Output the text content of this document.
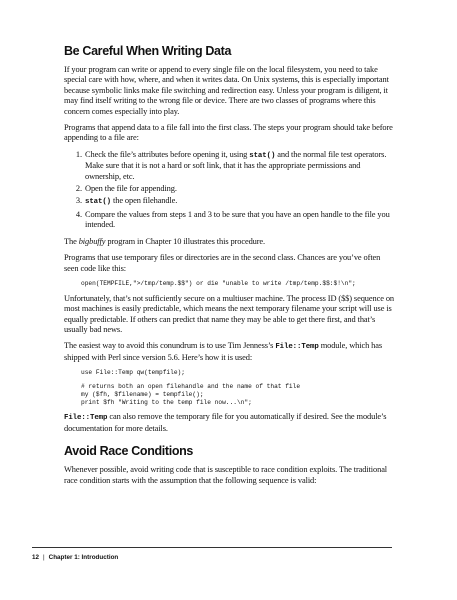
Be Careful When Writing Data

If your program can write or append to every single file on the local filesystem, you need to take special care with how, where, and when it writes data. On Unix systems, this is especially important because symbolic links make file switching and redirection easy. Unless your program is diligent, it may find itself writing to the wrong file or device. There are two classes of programs where this concern comes especially into play.

Programs that append data to a file fall into the first class. The steps your program should take before appending to a file are:

1. Check the file’s attributes before opening it, using stat() and the normal file test operators. Make sure that it is not a hard or soft link, that it has the appropriate permissions and ownership, etc.
2. Open the file for appending.
3. stat() the open filehandle.
4. Compare the values from steps 1 and 3 to be sure that you have an open handle to the file you intended.

The bigbuffy program in Chapter 10 illustrates this procedure.

Programs that use temporary files or directories are in the second class. Chances are you’ve often seen code like this:

open(TEMPFILE,">/tmp/temp.$$") or die "unable to write /tmp/temp.$$:$!\n";

Unfortunately, that’s not sufficiently secure on a multiuser machine. The process ID ($$) sequence on most machines is easily predictable, which means the next temporary filename your script will use is equally predictable. If others can predict that name they may be able to get there first, and that’s usually bad news.

The easiest way to avoid this conundrum is to use Tim Jenness’s File::Temp module, which has shipped with Perl since version 5.6. Here’s how it is used:

use File::Temp qw(tempfile);
# returns both an open filehandle and the name of that file
my ($fh, $filename) = tempfile();
print $fh "Writing to the temp file now...\n";

File::Temp can also remove the temporary file for you automatically if desired. See the module’s documentation for more details.

Avoid Race Conditions

Whenever possible, avoid writing code that is susceptible to race condition exploits. The traditional race condition starts with the assumption that the following sequence is valid:

12 | Chapter 1: Introduction
